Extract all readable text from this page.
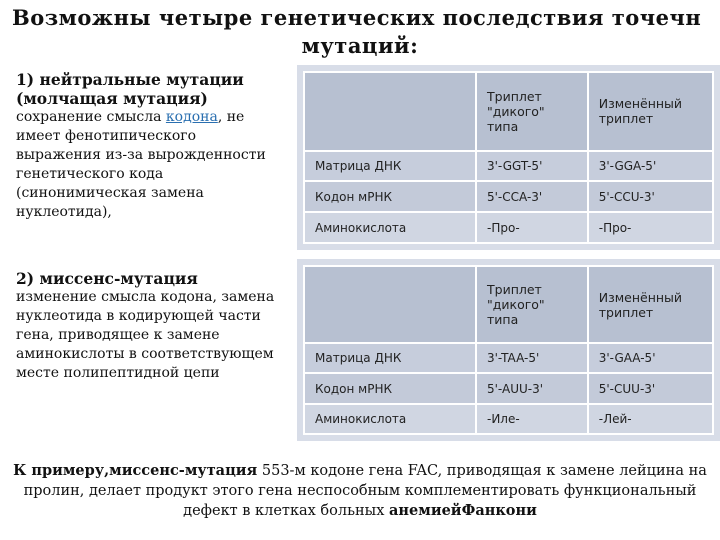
Возможны четыре генетических последствия точечн
мутаций:
1) нейтральные мутации (молчащая мутация)
сохранение смысла кодона, не имеет фенотипического выражения из-за вырожденности генетического кода (синонимическая замена нуклеотида),
2) миссенс-мутация
изменение смысла кодона, замена нуклеотида в кодирующей части гена, приводящее к замене аминокислоты в соответствующем месте полипептидной цепи
	Триплет "дикого" типа	Изменённый триплет
Матрица ДНК	3'-GGT-5'	3'-GGA-5'
Кодон мРНК	5'-CCA-3'	5'-CCU-3'
Аминокислота	-Про-	-Про-
	Триплет "дикого" типа	Изменённый триплет
Матрица ДНК	3'-TAA-5'	3'-GAA-5'
Кодон мРНК	5'-AUU-3'	5'-CUU-3'
Аминокислота	-Иле-	-Лей-
К примеру,миссенс-мутация 553-м кодоне гена FAC, приводящая к замене лейцина на пролин, делает продукт этого гена неспособным комплементировать функциональный дефект в клетках больных анемиейФанкони
